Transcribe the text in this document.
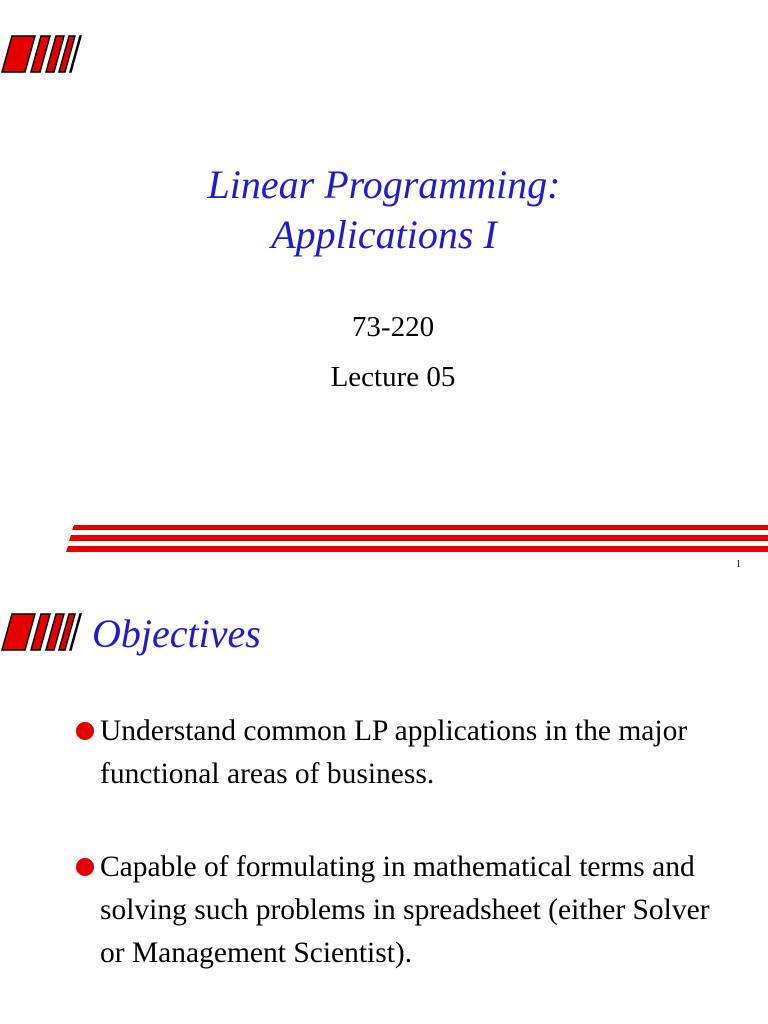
Linear Programming:
Applications I
73-220
Lecture 05
1
Objectives
Understand common LP applications in the major functional areas of business.
Capable of formulating in mathematical terms and solving such problems in spreadsheet (either Solver or Management Scientist).
